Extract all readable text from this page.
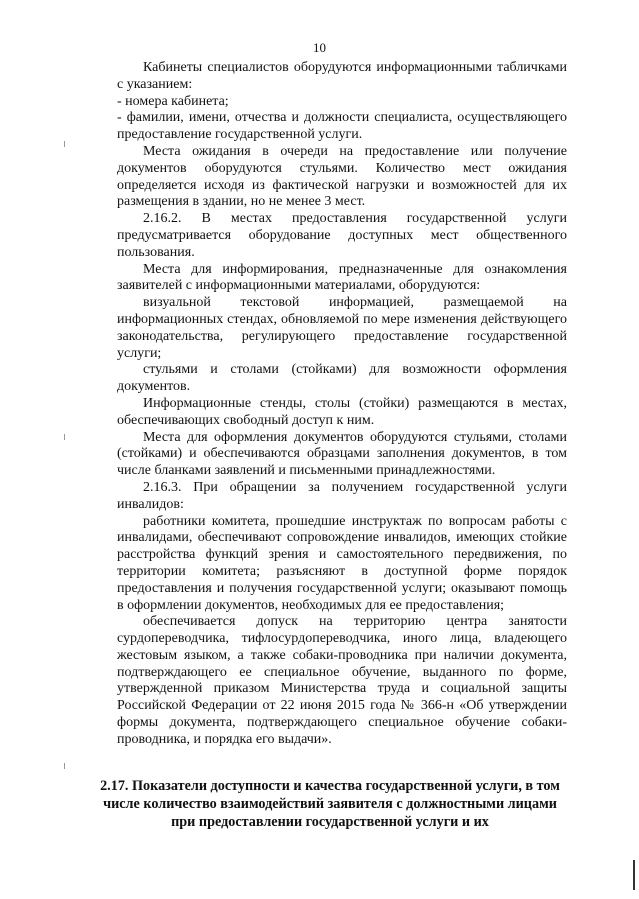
10

Кабинеты специалистов оборудуются информационными табличками с указанием:

- номера кабинета;

- фамилии, имени, отчества и должности специалиста, осуществляющего предоставление государственной услуги.

Места ожидания в очереди на предоставление или получение документов оборудуются стульями. Количество мест ожидания определяется исходя из фактической нагрузки и возможностей для их размещения в здании, но не менее 3 мест.

2.16.2. В местах предоставления государственной услуги предусматривается оборудование доступных мест общественного пользования.

Места для информирования, предназначенные для ознакомления заявителей с информационными материалами, оборудуются:

визуальной текстовой информацией, размещаемой на информационных стендах, обновляемой по мере изменения действующего законодательства, регулирующего предоставление государственной услуги;

стульями и столами (стойками) для возможности оформления документов.

Информационные стенды, столы (стойки) размещаются в местах, обеспечивающих свободный доступ к ним.

Места для оформления документов оборудуются стульями, столами (стойками) и обеспечиваются образцами заполнения документов, в том числе бланками заявлений и письменными принадлежностями.

2.16.3. При обращении за получением государственной услуги инвалидов:

работники комитета, прошедшие инструктаж по вопросам работы с инвалидами, обеспечивают сопровождение инвалидов, имеющих стойкие расстройства функций зрения и самостоятельного передвижения, по территории комитета; разъясняют в доступной форме порядок предоставления и получения государственной услуги; оказывают помощь в оформлении документов, необходимых для ее предоставления;

обеспечивается допуск на территорию центра занятости сурдопереводчика, тифлосурдопереводчика, иного лица, владеющего жестовым языком, а также собаки-проводника при наличии документа, подтверждающего ее специальное обучение, выданного по форме, утвержденной приказом Министерства труда и социальной защиты Российской Федерации от 22 июня 2015 года № 366-н «Об утверждении формы документа, подтверждающего специальное обучение собаки-проводника, и порядка его выдачи».

2.17. Показатели доступности и качества государственной услуги, в том числе количество взаимодействий заявителя с должностными лицами при предоставлении государственной услуги и их
